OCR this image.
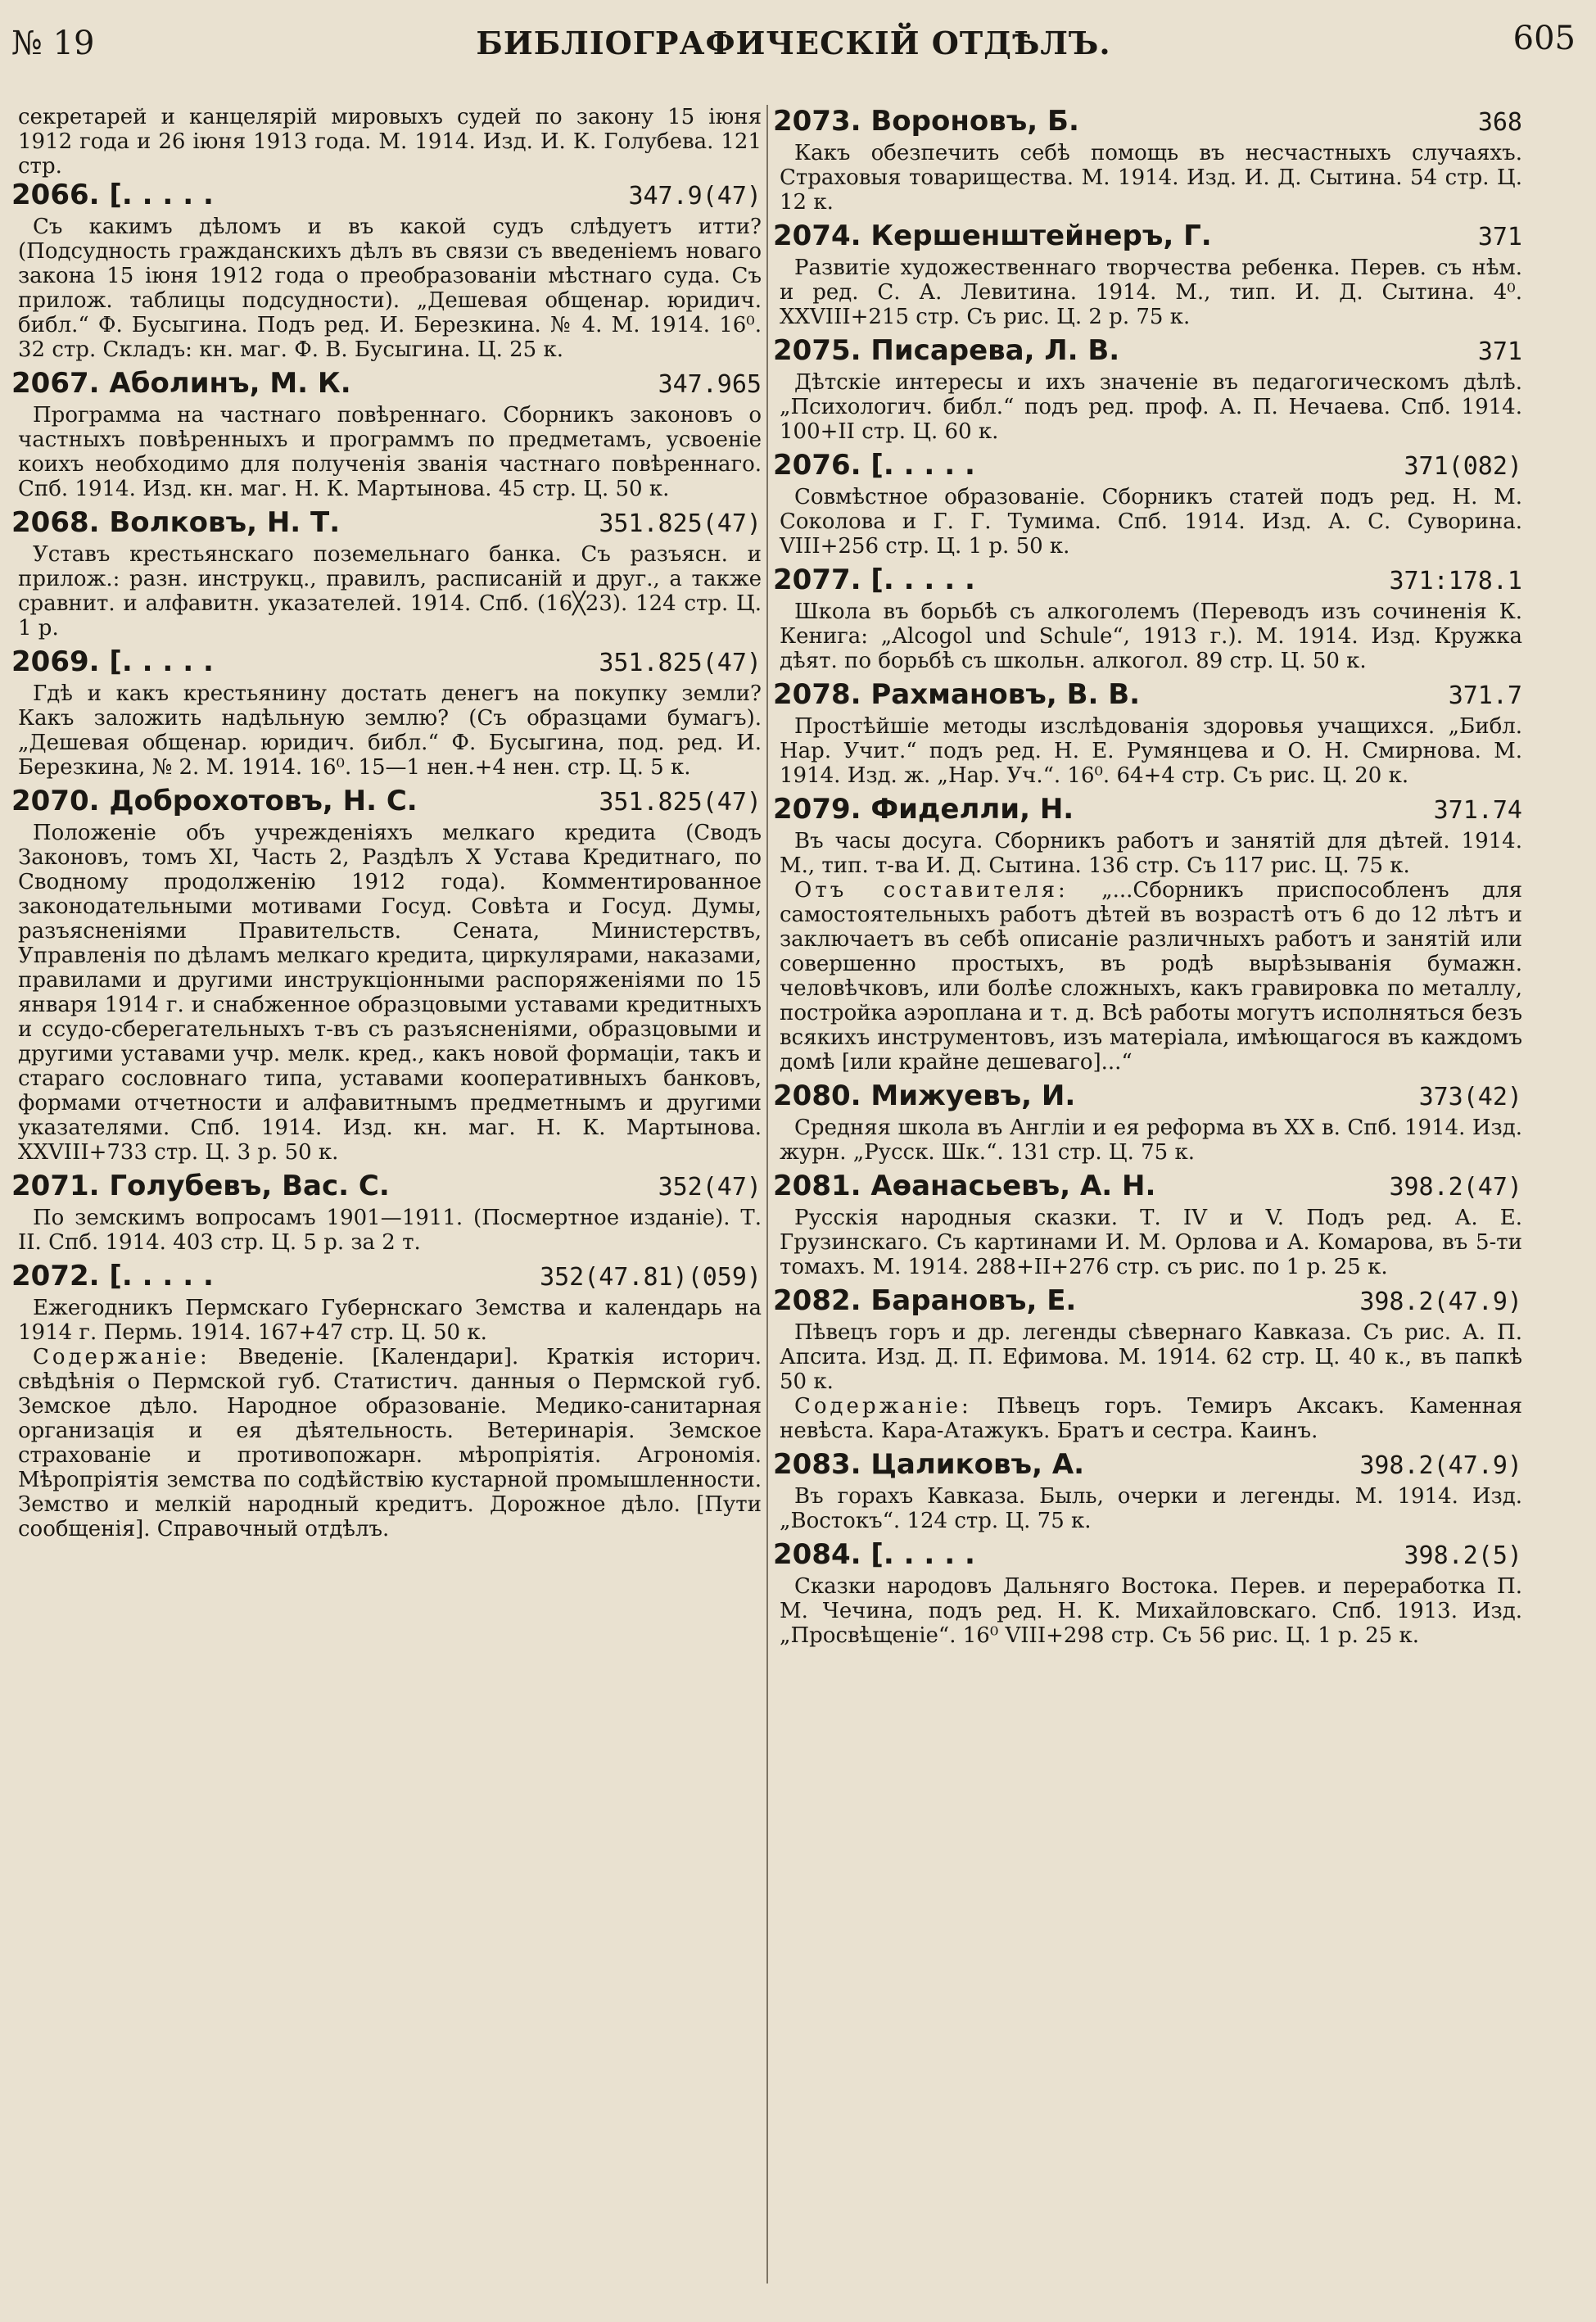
№ 19	БИБЛІОГРАФИЧЕСКІЙ ОТДѢЛЪ.	605

секретарей и канцелярій мировыхъ судей по закону 15 іюня 1912 года и 26 іюня 1913 года. М. 1914. Изд. И. К. Голубева. 121 стр.

2066. [. . . . .	347.9(47)

Съ какимъ дѣломъ и въ какой судъ слѣдуетъ итти? (Подсудность гражданскихъ дѣлъ въ связи съ введеніемъ новаго закона 15 іюня 1912 года о преобразованіи мѣстнаго суда. Съ прилож. таблицы подсудности). „Дешевая общенар. юридич. библ.“ Ф. Бусыгина. Подъ ред. И. Березкина. № 4. М. 1914. 16⁰. 32 стр. Складъ: кн. маг. Ф. В. Бусыгина. Ц. 25 к.

2067. Аболинъ, М. К.	347.965

Программа на частнаго повѣреннаго. Сборникъ законовъ о частныхъ повѣренныхъ и программъ по предметамъ, усвоеніе коихъ необходимо для полученія званія частнаго повѣреннаго. Спб. 1914. Изд. кн. маг. Н. К. Мартынова. 45 стр. Ц. 50 к.

2068. Волковъ, Н. Т.	351.825(47)

Уставъ крестьянскаго поземельнаго банка. Съ разъясн. и прилож.: разн. инструкц., правилъ, расписаній и друг., а также сравнит. и алфавитн. указателей. 1914. Спб. (16╳23). 124 стр. Ц. 1 р.

2069. [. . . . .	351.825(47)

Гдѣ и какъ крестьянину достать денегъ на покупку земли? Какъ заложить надѣльную землю? (Съ образцами бумагъ). „Дешевая общенар. юридич. библ.“ Ф. Бусыгина, под. ред. И. Березкина, № 2. М. 1914. 16⁰. 15—1 нен.+4 нен. стр. Ц. 5 к.

2070. Доброхотовъ, Н. С.	351.825(47)

Положеніе объ учрежденіяхъ мелкаго кредита (Сводъ Законовъ, томъ XI, Часть 2, Раздѣлъ X Устава Кредитнаго, по Сводному продолженію 1912 года). Комментированное законодательными мотивами Госуд. Совѣта и Госуд. Думы, разъясненіями Правительств. Сената, Министерствъ, Управленія по дѣламъ мелкаго кредита, циркулярами, наказами, правилами и другими инструкціонными распоряженіями по 15 января 1914 г. и снабженное образцовыми уставами кредитныхъ и ссудо-сберегательныхъ т-въ съ разъясненіями, образцовыми и другими уставами учр. мелк. кред., какъ новой формаціи, такъ и стараго сословнаго типа, уставами кооперативныхъ банковъ, формами отчетности и алфавитнымъ предметнымъ и другими указателями. Спб. 1914. Изд. кн. маг. Н. К. Мартынова. XXVIII+733 стр. Ц. 3 р. 50 к.

2071. Голубевъ, Вас. С.	352(47)

По земскимъ вопросамъ 1901—1911. (Посмертное изданіе). Т. II. Спб. 1914. 403 стр. Ц. 5 р. за 2 т.

2072. [. . . . .	352(47.81)(059)

Ежегодникъ Пермскаго Губернскаго Земства и календарь на 1914 г. Пермь. 1914. 167+47 стр. Ц. 50 к.

Содержаніе: Введеніе. [Календари]. Краткія историч. свѣдѣнія о Пермской губ. Статистич. данныя о Пермской губ. Земское дѣло. Народное образованіе. Медико-санитарная организація и ея дѣятельность. Ветеринарія. Земское страхованіе и противопожарн. мѣропріятія. Агрономія. Мѣропріятія земства по содѣйствію кустарной промышленности. Земство и мелкій народный кредитъ. Дорожное дѣло. [Пути сообщенія]. Справочный отдѣлъ.

2073. Вороновъ, Б.	368

Какъ обезпечить себѣ помощь въ несчастныхъ случаяхъ. Страховыя товарищества. М. 1914. Изд. И. Д. Сытина. 54 стр. Ц. 12 к.

2074. Кершенштейнеръ, Г.	371

Развитіе художественнаго творчества ребенка. Перев. съ нѣм. и ред. С. А. Левитина. 1914. М., тип. И. Д. Сытина. 4⁰. XXVIII+215 стр. Съ рис. Ц. 2 р. 75 к.

2075. Писарева, Л. В.	371

Дѣтскіе интересы и ихъ значеніе въ педагогическомъ дѣлѣ. „Психологич. библ.“ подъ ред. проф. А. П. Нечаева. Спб. 1914. 100+II стр. Ц. 60 к.

2076. [. . . . .	371(082)

Совмѣстное образованіе. Сборникъ статей подъ ред. Н. М. Соколова и Г. Г. Тумима. Спб. 1914. Изд. А. С. Суворина. VIII+256 стр. Ц. 1 р. 50 к.

2077. [. . . . .	371:178.1

Школа въ борьбѣ съ алкоголемъ (Переводъ изъ сочиненія К. Кенига: „Alcogol und Schule“, 1913 г.). М. 1914. Изд. Кружка дѣят. по борьбѣ съ школьн. алкогол. 89 стр. Ц. 50 к.

2078. Рахмановъ, В. В.	371.7

Простѣйшіе методы изслѣдованія здоровья учащихся. „Библ. Нар. Учит.“ подъ ред. Н. Е. Румянцева и О. Н. Смирнова. М. 1914. Изд. ж. „Нар. Уч.“. 16⁰. 64+4 стр. Съ рис. Ц. 20 к.

2079. Фиделли, Н.	371.74

Въ часы досуга. Сборникъ работъ и занятій для дѣтей. 1914. М., тип. т-ва И. Д. Сытина. 136 стр. Съ 117 рис. Ц. 75 к.

Отъ составителя: „...Сборникъ приспособленъ для самостоятельныхъ работъ дѣтей въ возрастѣ отъ 6 до 12 лѣтъ и заключаетъ въ себѣ описаніе различныхъ работъ и занятій или совершенно простыхъ, въ родѣ вырѣзыванія бумажн. человѣчковъ, или болѣе сложныхъ, какъ гравировка по металлу, постройка аэроплана и т. д. Всѣ работы могутъ исполняться безъ всякихъ инструментовъ, изъ матеріала, имѣющагося въ каждомъ домѣ [или крайне дешеваго]...“

2080. Мижуевъ, И.	373(42)

Средняя школа въ Англіи и ея реформа въ XX в. Спб. 1914. Изд. журн. „Русск. Шк.“. 131 стр. Ц. 75 к.

2081. Аѳанасьевъ, А. Н.	398.2(47)

Русскія народныя сказки. Т. IV и V. Подъ ред. А. Е. Грузинскаго. Съ картинами И. М. Орлова и А. Комарова, въ 5-ти томахъ. М. 1914. 288+II+276 стр. съ рис. по 1 р. 25 к.

2082. Барановъ, Е.	398.2(47.9)

Пѣвецъ горъ и др. легенды сѣвернаго Кавказа. Съ рис. А. П. Апсита. Изд. Д. П. Ефимова. М. 1914. 62 стр. Ц. 40 к., въ папкѣ 50 к.

Содержаніе: Пѣвецъ горъ. Темиръ Аксакъ. Каменная невѣста. Кара-Атажукъ. Братъ и сестра. Каинъ.

2083. Цаликовъ, А.	398.2(47.9)

Въ горахъ Кавказа. Быль, очерки и легенды. М. 1914. Изд. „Востокъ“. 124 стр. Ц. 75 к.

2084. [. . . . .	398.2(5)

Сказки народовъ Дальняго Востока. Перев. и переработка П. М. Чечина, подъ ред. Н. К. Михайловскаго. Спб. 1913. Изд. „Просвѣщеніе“. 16⁰ VIII+298 стр. Съ 56 рис. Ц. 1 р. 25 к.
